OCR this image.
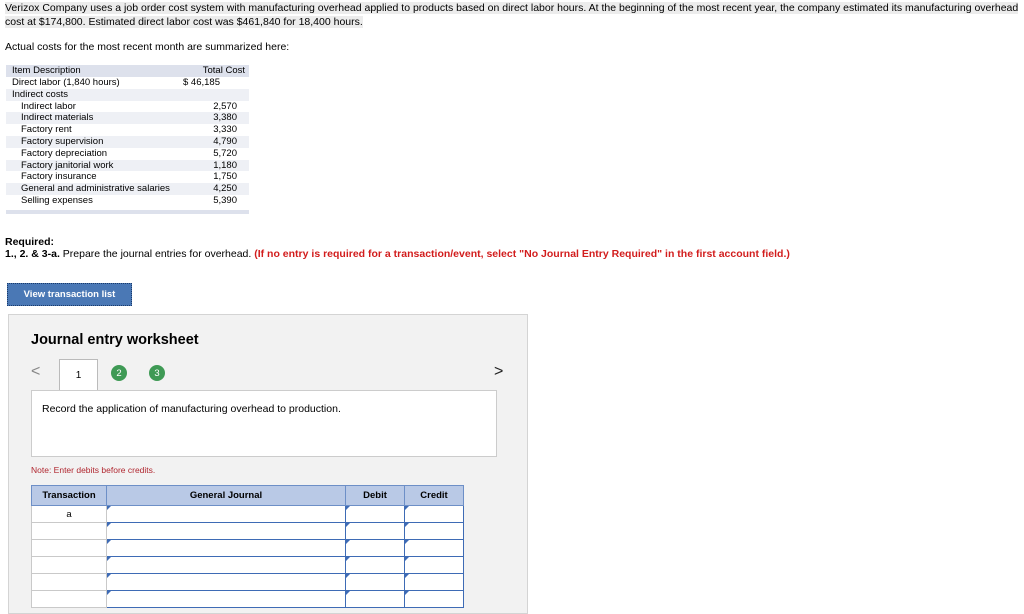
Verizox Company uses a job order cost system with manufacturing overhead applied to products based on direct labor hours. At the beginning of the most recent year, the company estimated its manufacturing overhead cost at $174,800. Estimated direct labor cost was $461,840 for 18,400 hours.
Actual costs for the most recent month are summarized here:
Item Description	Total Cost
Direct labor (1,840 hours)	$ 46,185
Indirect costs
Indirect labor	2,570
Indirect materials	3,380
Factory rent	3,330
Factory supervision	4,790
Factory depreciation	5,720
Factory janitorial work	1,180
Factory insurance	1,750
General and administrative salaries	4,250
Selling expenses	5,390
Required:
1., 2. & 3-a. Prepare the journal entries for overhead. (If no entry is required for a transaction/event, select "No Journal Entry Required" in the first account field.)
View transaction list
Journal entry worksheet
<	1	2	3	>
Record the application of manufacturing overhead to production.
Note: Enter debits before credits.
Transaction	General Journal	Debit	Credit
a	
